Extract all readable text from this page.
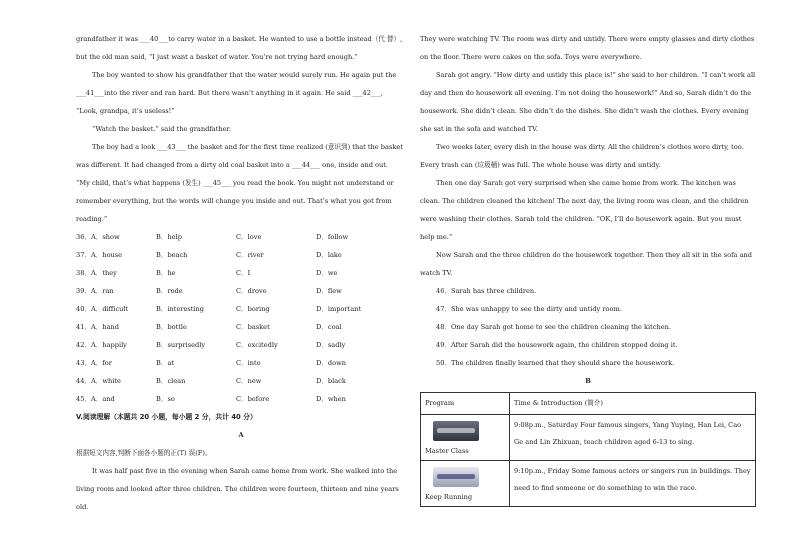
grandfather it was ___40___to carry water in a basket. He wanted to use a bottle instead（代 替）, but the old man said, “I just want a basket of water. You’re not trying hard enough.”

The boy wanted to show his grandfather that the water would surely run. He again put the ___41___into the river and ran hard. But there wasn’t anything in it again. He said ___42___, “Look, grandpa, it’s useless!”

“Watch the basket.” said the grandfather.

The boy had a look ___43___ the basket and for the first time realized (意识到) that the basket was different. It had changed from a dirty old coal basket into a ___44___ one, inside and out.

“My child, that’s what happens (发生) ___45___ you read the book. You might not understand or remember everything, but the words will change you inside and out. That’s what you got from reading.”

36．A．show	B．help	C．love	D．follow
37．A．house	B．beach	C．river	D．lake
38．A．they	B．he	C．I	D．we
39．A．ran	B．rode	C．drove	D．flew
40．A．difficult	B．interesting	C．boring	D．important
41．A．hand	B．bottle	C．basket	D．coal
42．A．happily	B．surprisedly	C．excitedly	D．sadly
43．A．for	B．at	C．into	D．down
44．A．white	B．clean	C．new	D．black
45．A．and	B．so	C．before	D．when

V.阅读理解（本题共 20 小题，每小题 2 分，共计 40 分）

A

根据短文内容,判断下面各小题的正(T) 误(F)。

It was half past five in the evening when Sarah came home from work. She walked into the living room and looked after three children. The children were fourteen, thirteen and nine years old.

They were watching TV. The room was dirty and untidy. There were empty glasses and dirty clothes on the floor. There were cakes on the sofa. Toys were everywhere.

Sarah got angry. “How dirty and untidy this place is!” she said to her children. “I can’t work all day and then do housework all evening. I’m not doing the housework!” And so, Sarah didn’t do the housework. She didn’t clean. She didn’t do the dishes. She didn’t wash the clothes. Every evening she sat in the sofa and watched TV.

Two weeks later, every dish in the house was dirty. All the children’s clothes were dirty, too. Every trash can (垃圾桶) was full. The whole house was dirty and untidy.

Then one day Sarah got very surprised when she came home from work. The kitchen was clean. The children cleaned the kitchen! The next day, the living room was clean, and the children were washing their clothes. Sarah told the children. “OK, I’ll do housework again. But you must help me.”

Now Sarah and the three children do the housework together. Then they all sit in the sofa and watch TV.

46．Sarah has three children.

47．She was unhappy to see the dirty and untidy room.

48．One day Sarah got home to see the children cleaning the kitchen.

49．After Sarah did the housework again, the children stopped doing it.

50．The children finally learned that they should share the housework.

B

Program	Time & Introduction (简介)

Master Class	9:08p.m., Saturday Four famous singers, Yang Yuying, Han Lei, Cao Ge and Lin Zhixuan, teach children aged 6-13 to sing.

Keep Running	9:10p.m., Friday Some famous actors or singers run in buildings. They need to find someone or do something to win the race.
